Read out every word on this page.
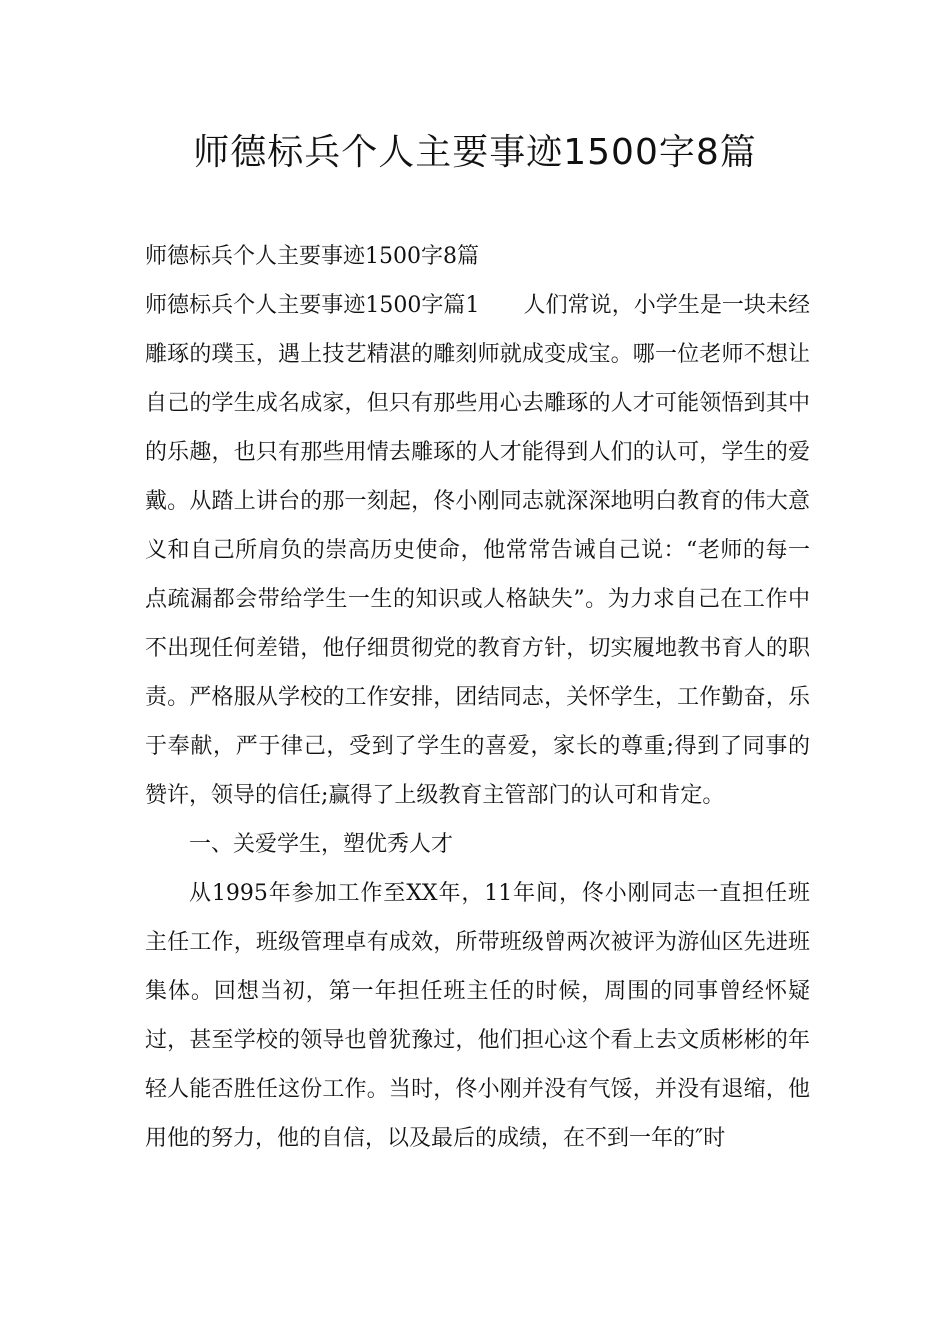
师德标兵个人主要事迹1500字8篇

师德标兵个人主要事迹1500字8篇

师德标兵个人主要事迹1500字篇1　　人们常说，小学生是一块未经雕琢的璞玉，遇上技艺精湛的雕刻师就成变成宝。哪一位老师不想让自己的学生成名成家，但只有那些用心去雕琢的人才可能领悟到其中的乐趣，也只有那些用情去雕琢的人才能得到人们的认可，学生的爱戴。从踏上讲台的那一刻起，佟小刚同志就深深地明白教育的伟大意义和自己所肩负的崇高历史使命，他常常告诫自己说：“老师的每一点疏漏都会带给学生一生的知识或人格缺失”。为力求自己在工作中不出现任何差错，他仔细贯彻党的教育方针，切实履地教书育人的职责。严格服从学校的工作安排，团结同志，关怀学生，工作勤奋，乐于奉献，严于律己，受到了学生的喜爱，家长的尊重;得到了同事的赞许，领导的信任;赢得了上级教育主管部门的认可和肯定。

一、关爱学生，塑优秀人才

从1995年参加工作至XX年，11年间，佟小刚同志一直担任班主任工作，班级管理卓有成效，所带班级曾两次被评为游仙区先进班集体。回想当初，第一年担任班主任的时候，周围的同事曾经怀疑过，甚至学校的领导也曾犹豫过，他们担心这个看上去文质彬彬的年轻人能否胜任这份工作。当时，佟小刚并没有气馁，并没有退缩，他用他的努力，他的自信，以及最后的成绩，在不到一年的″时
